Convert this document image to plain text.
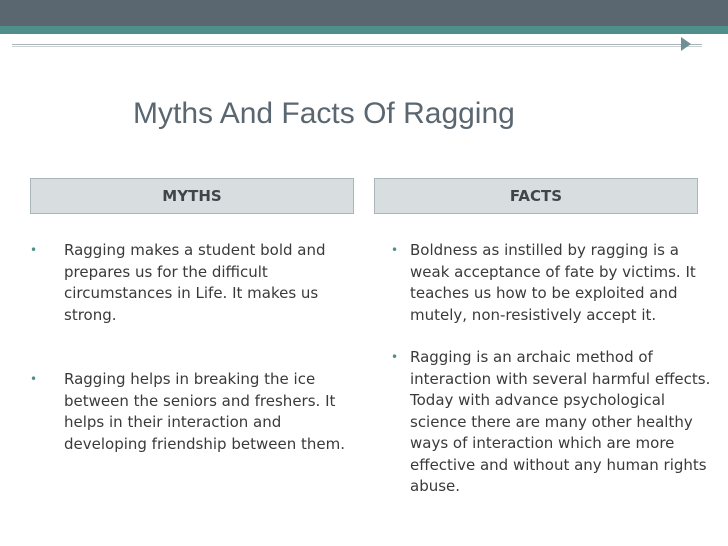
Myths And Facts Of Ragging
MYTHS	FACTS
•	Ragging makes a student bold and prepares us for the difficult circumstances in Life. It makes us strong.
•	Ragging helps in breaking the ice between the seniors and freshers. It helps in their interaction and developing friendship between them.
• Boldness as instilled by ragging is a weak acceptance of fate by victims. It teaches us how to be exploited and mutely, non-resistively accept it.
• Ragging is an archaic method of interaction with several harmful effects. Today with advance psychological science there are many other healthy ways of interaction which are more effective and without any human rights abuse.
